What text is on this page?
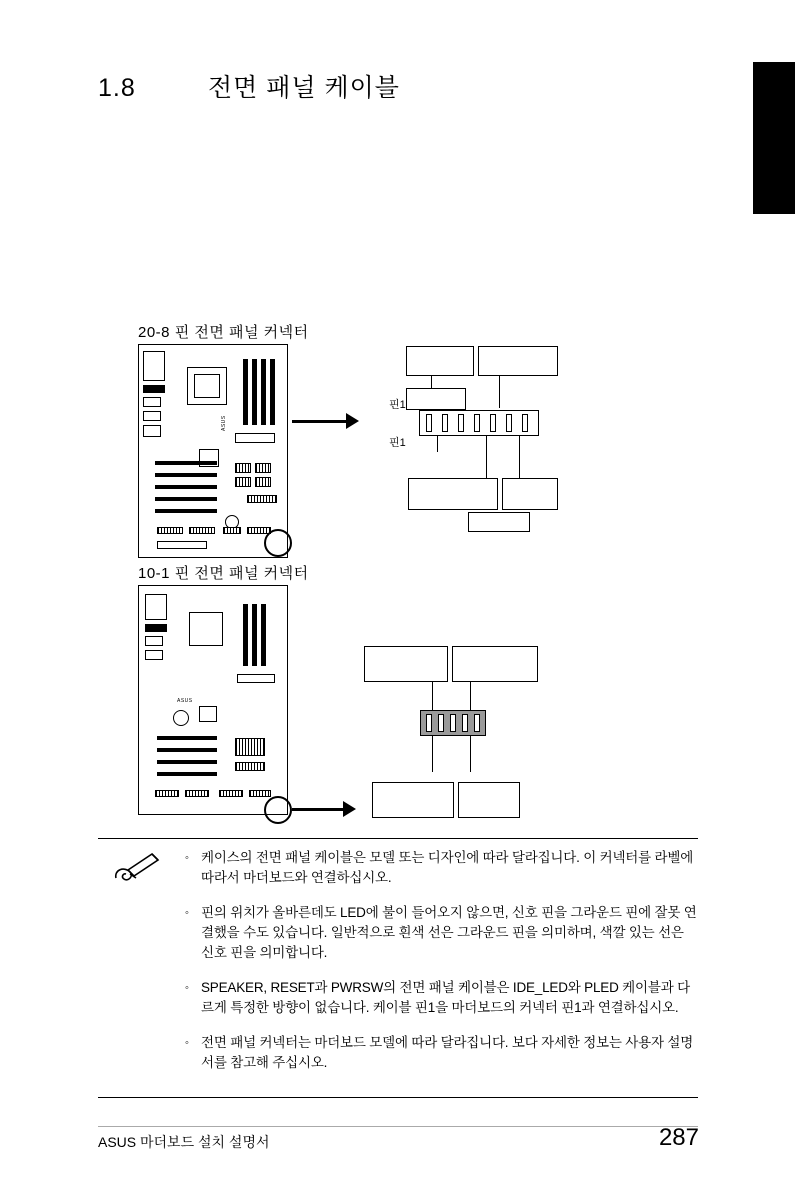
1.8	전면 패널 케이블
20-8 핀 전면 패널 커넥터
ASUS
핀1
핀1
10-1 핀 전면 패널 커넥터
ASUS
◦ 케이스의 전면 패널 케이블은 모델 또는 디자인에 따라 달라집니다. 이 커넥터를 라벨에 따라서 마더보드와 연결하십시오.
◦ 핀의 위치가 올바른데도 LED에 불이 들어오지 않으면, 신호 핀을 그라운드 핀에 잘못 연결했을 수도 있습니다. 일반적으로 흰색 선은 그라운드 핀을 의미하며, 색깔 있는 선은 신호 핀을 의미합니다.
◦ SPEAKER, RESET과 PWRSW의 전면 패널 케이블은 IDE_LED와 PLED 케이블과 다르게 특정한 방향이 없습니다. 케이블 핀1을 마더보드의 커넥터 핀1과 연결하십시오.
◦ 전면 패널 커넥터는 마더보드 모델에 따라 달라집니다. 보다 자세한 정보는 사용자 설명서를 참고해 주십시오.
ASUS 마더보드 설치 설명서	287
